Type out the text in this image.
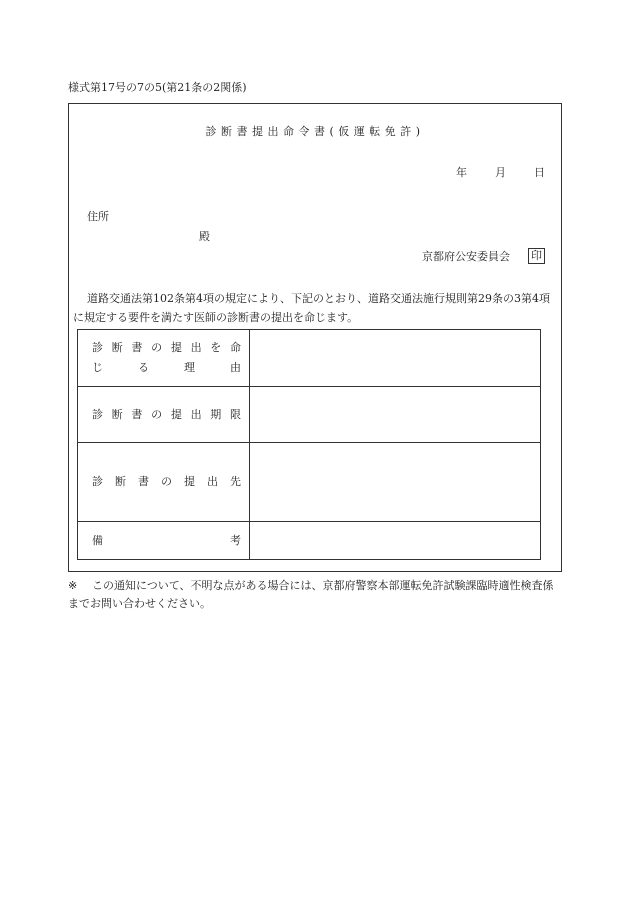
様式第17号の7の5(第21条の2関係)
診断書提出命令書(仮運転免許)
年	月	日
住所
殿
京都府公安委員会 印
道路交通法第102条第4項の規定により、下記のとおり、道路交通法施行規則第29条の3第4項に規定する要件を満たす医師の診断書の提出を命じます。
診断書の提出を命
じる理由	

診断書の提出期限	

診断書の提出先	

備考	

※	この通知について、不明な点がある場合には、京都府警察本部運転免許試験課臨時適性検査係までお問い合わせください。
